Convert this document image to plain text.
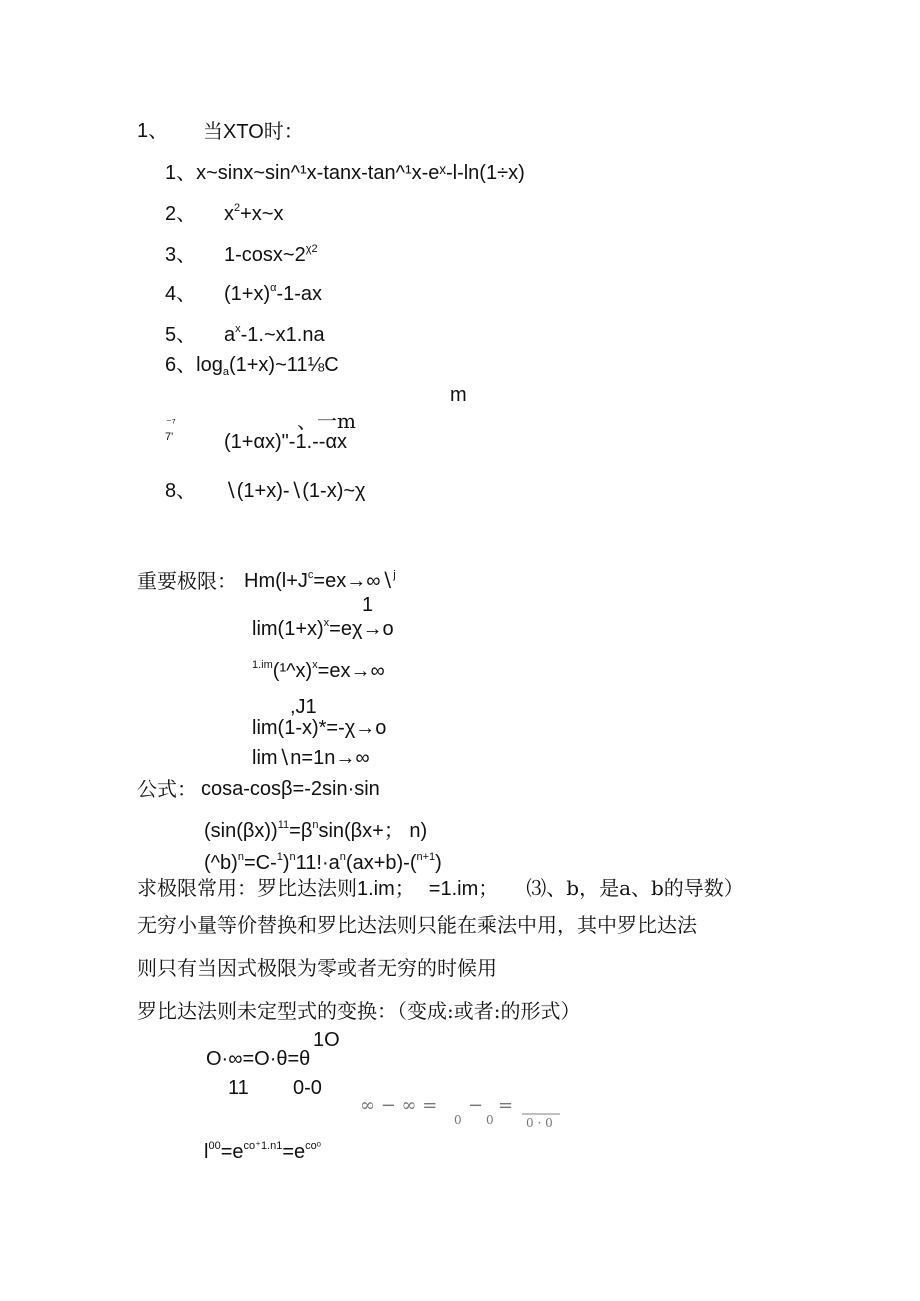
1、 当XTO时：
1、x~sinx~sin^¹x-tanx-tan^¹x-eˣ-l-ln(1÷x)
2、 $x^2+x\sim x$
3、 $1-\cos x\sim 2^{\chi 2}$
4、 $(1+x)^\alpha-1-ax$
5、 $a^x-1.\sim x1.na$
6、$\log_a(1+x)\sim 11\frac{1}{8}C$
m
、一m
⁻⁷
7'	(1+αx)"-1.--αx
8、 ∖(1+x)-∖(1-x)~χ
重要极限： $Hm(l+J^c=ex\to\infty∖^j$
1
$\lim(1+x)^x=e\chi\to o$
$^{1.im}$(¹^x)$^x$=ex→∞
,J1
lim(1-x)*=-χ→o
lim∖n=1n→∞
公式： cosa-cosβ=-2sin·sin
$(\sin(\beta x))^{11}=\beta^n\sin(\beta x+$； n)
$(\^{}b)^n=C-^1)^n11!\cdot a^n(ax+b)-(^{n+1})$
求极限常用：罗比达法则1.im； =1.im； ⑶、b，是a、b的导数）
无穷小量等价替换和罗比达法则只能在乘法中用，其中罗比达法
则只有当因式极限为零或者无穷的时候用
罗比达法则未定型式的变换：（变成:或者:的形式）
1O
O·∞=O·θ=θ
11 0-0
∞ − ∞ =
0
−
0
=
0 · 0
$l^{00}=e^{co^+1.n1}=e^{coᵒ}$
